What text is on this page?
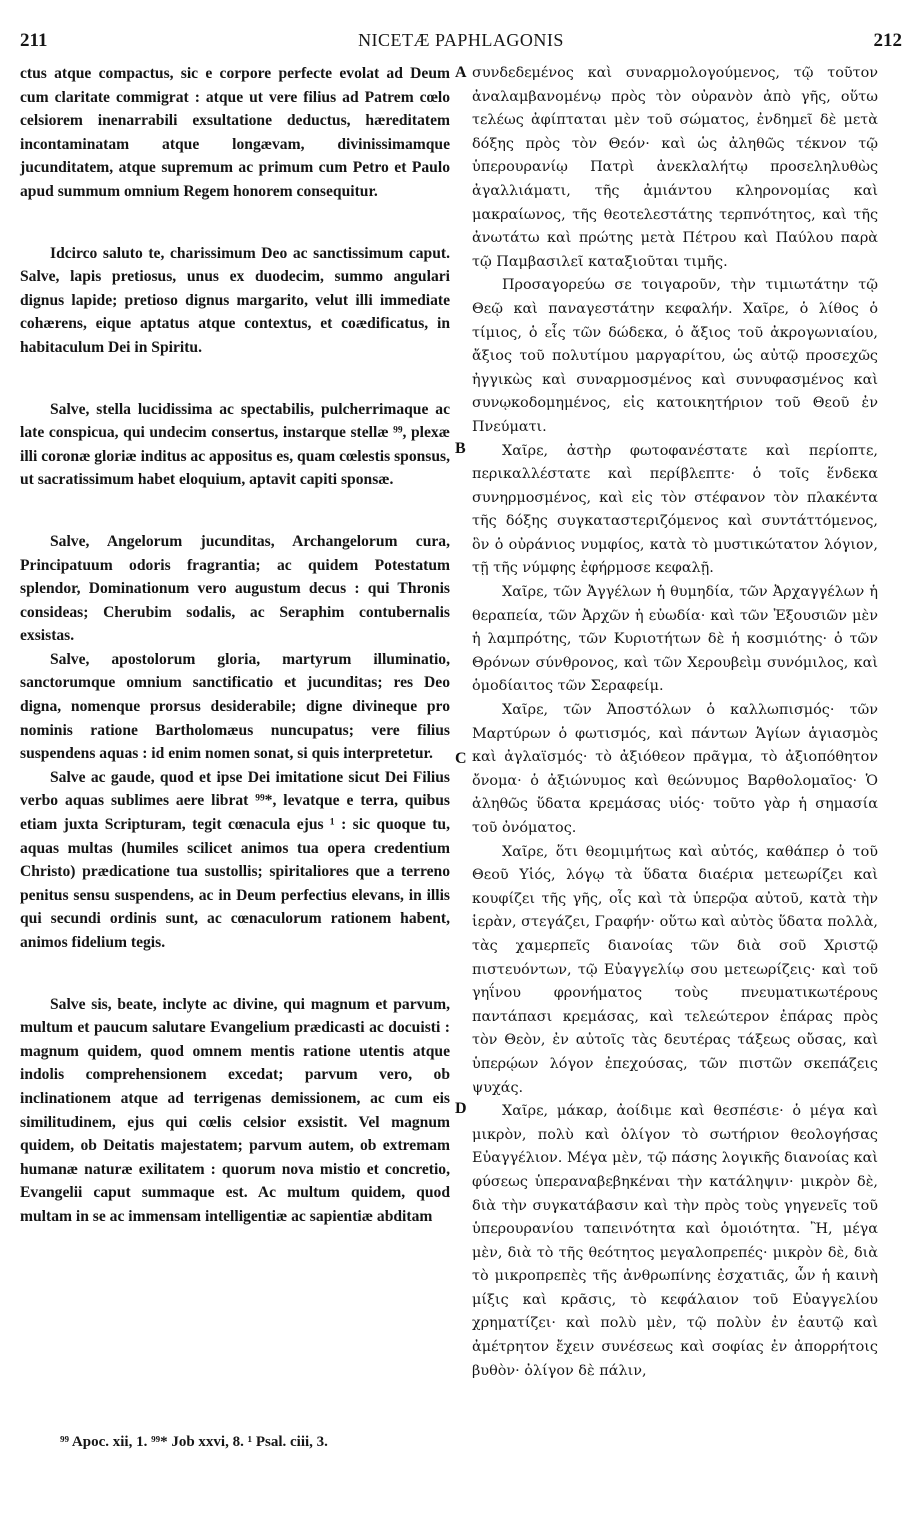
211	NICETÆ PAPHLAGONIS	212

ctus atque compactus, sic e corpore perfecte evolat ad Deum cum claritate commigrat : atque ut vere filius ad Patrem cœlo celsiorem inenarrabili exsultatione deductus, hæreditatem incontaminatam atque longævam, divinissimamque jucunditatem, atque supremum ac primum cum Petro et Paulo apud summum omnium Regem honorem consequitur.

Idcirco saluto te, charissimum Deo ac sanctissimum caput. Salve, lapis pretiosus, unus ex duodecim, summo angulari dignus lapide; pretioso dignus margarito, velut illi immediate cohærens, eique aptatus atque contextus, et coædificatus, in habitaculum Dei in Spiritu.

Salve, stella lucidissima ac spectabilis, pulcherrimaque ac late conspicua, qui undecim consertus, instarque stellæ ⁹⁹, plexæ illi coronæ gloriæ inditus ac appositus es, quam cœlestis sponsus, ut sacratissimum habet eloquium, aptavit capiti sponsæ.

Salve, Angelorum jucunditas, Archangelorum cura, Principatuum odoris fragrantia; ac quidem Potestatum splendor, Dominationum vero augustum decus : qui Thronis consideas; Cherubim sodalis, ac Seraphim contubernalis exsistas.

Salve, apostolorum gloria, martyrum illuminatio, sanctorumque omnium sanctificatio et jucunditas; res Deo digna, nomenque prorsus desiderabile; digne divineque pro nominis ratione Bartholomæus nuncupatus; vere filius suspendens aquas : id enim nomen sonat, si quis interpretetur.

Salve ac gaude, quod et ipse Dei imitatione sicut Dei Filius verbo aquas sublimes aere librat ⁹⁹*, levatque e terra, quibus etiam juxta Scripturam, tegit cœnacula ejus ¹ : sic quoque tu, aquas multas (humiles scilicet animos tua opera credentium Christo) prædicatione tua sustollis; spiritaliores que a terreno penitus sensu suspendens, ac in Deum perfectius elevans, in illis qui secundi ordinis sunt, ac cœnaculorum rationem habent, animos fidelium tegis.

Salve sis, beate, inclyte ac divine, qui magnum et parvum, multum et paucum salutare Evangelium prædicasti ac docuisti : magnum quidem, quod omnem mentis ratione utentis atque indolis comprehensionem excedat; parvum vero, ob inclinationem atque ad terrigenas demissionem, ac cum eis similitudinem, ejus qui cœlis celsior exsistit. Vel magnum quidem, ob Deitatis majestatem; parvum autem, ob extremam humanæ naturæ exilitatem : quorum nova mistio et concretio, Evangelii caput summaque est. Ac multum quidem, quod multam in se ac immensam intelligentiæ ac sapientiæ abditam

συνδεδεμένος καὶ συναρμολογούμενος, τῷ τοῦτον ἀναλαμβανομένῳ πρὸς τὸν οὐρανὸν ἀπὸ γῆς, οὕτω τελέως ἀφίπταται μὲν τοῦ σώματος, ἐνδημεῖ δὲ μετὰ δόξης πρὸς τὸν Θεόν· καὶ ὡς ἀληθῶς τέκνον τῷ ὑπερουρανίῳ Πατρὶ ἀνεκλαλήτῳ προσεληλυθὼς ἀγαλλιάματι, τῆς ἀμιάντου κληρονομίας καὶ μακραίωνος, τῆς θεοτελεστάτης τερπνότητος, καὶ τῆς ἀνωτάτω καὶ πρώτης μετὰ Πέτρου καὶ Παύλου παρὰ τῷ Παμβασιλεῖ καταξιοῦται τιμῆς.

Προσαγορεύω σε τοιγαροῦν, τὴν τιμιωτάτην τῷ Θεῷ καὶ παναγεστάτην κεφαλήν. Χαῖρε, ὁ λίθος ὁ τίμιος, ὁ εἷς τῶν δώδεκα, ὁ ἄξιος τοῦ ἀκρογωνιαίου, ἄξιος τοῦ πολυτίμου μαργαρίτου, ὡς αὐτῷ προσεχῶς ἠγγικὼς καὶ συναρμοσμένος καὶ συνυφασμένος καὶ συνῳκοδομημένος, εἰς κατοικητήριον τοῦ Θεοῦ ἐν Πνεύματι.

Χαῖρε, ἀστὴρ φωτοφανέστατε καὶ περίοπτε, περικαλλέστατε καὶ περίβλεπτε· ὁ τοῖς ἕνδεκα συνηρμοσμένος, καὶ εἰς τὸν στέφανον τὸν πλακέντα τῆς δόξης συγκαταστεριζόμενος καὶ συντάττόμενος, ὃν ὁ οὐράνιος νυμφίος, κατὰ τὸ μυστικώτατον λόγιον, τῇ τῆς νύμφης ἐφήρμοσε κεφαλῇ.

Χαῖρε, τῶν Ἀγγέλων ἡ θυμηδία, τῶν Ἀρχαγγέλων ἡ θεραπεία, τῶν Ἀρχῶν ἡ εὐωδία· καὶ τῶν Ἐξουσιῶν μὲν ἡ λαμπρότης, τῶν Κυριοτήτων δὲ ἡ κοσμιότης· ὁ τῶν Θρόνων σύνθρονος, καὶ τῶν Χερουβεὶμ συνόμιλος, καὶ ὁμοδίαιτος τῶν Σεραφείμ.

Χαῖρε, τῶν Ἀποστόλων ὁ καλλωπισμός· τῶν Μαρτύρων ὁ φωτισμός, καὶ πάντων Ἁγίων ἁγιασμὸς καὶ ἀγλαϊσμός· τὸ ἀξιόθεον πρᾶγμα, τὸ ἀξιοπόθητον ὄνομα· ὁ ἀξιώνυμος καὶ θεώνυμος Βαρθολομαῖος· Ὁ ἀληθῶς ὕδατα κρεμάσας υἱός· τοῦτο γὰρ ἡ σημασία τοῦ ὀνόματος.

Χαῖρε, ὅτι θεομιμήτως καὶ αὐτός, καθάπερ ὁ τοῦ Θεοῦ Υἱός, λόγῳ τὰ ὕδατα διαέρια μετεωρίζει καὶ κουφίζει τῆς γῆς, οἷς καὶ τὰ ὑπερῷα αὐτοῦ, κατὰ τὴν ἱερὰν, στεγάζει, Γραφήν· οὕτω καὶ αὐτὸς ὕδατα πολλὰ, τὰς χαμερπεῖς διανοίας τῶν διὰ σοῦ Χριστῷ πιστευόντων, τῷ Εὐαγγελίῳ σου μετεωρίζεις· καὶ τοῦ γηΐνου φρονήματος τοὺς πνευματικωτέρους παντάπασι κρεμάσας, καὶ τελεώτερον ἐπάρας πρὸς τὸν Θεὸν, ἐν αὐτοῖς τὰς δευτέρας τάξεως οὔσας, καὶ ὑπερῴων λόγον ἐπεχούσας, τῶν πιστῶν σκεπάζεις ψυχάς.

Χαῖρε, μάκαρ, ἀοίδιμε καὶ θεσπέσιε· ὁ μέγα καὶ μικρὸν, πολὺ καὶ ὀλίγον τὸ σωτήριον θεολογήσας Εὐαγγέλιον. Μέγα μὲν, τῷ πάσης λογικῆς διανοίας καὶ φύσεως ὑπεραναβεβηκέναι τὴν κατάληψιν· μικρὸν δὲ, διὰ τὴν συγκατάβασιν καὶ τὴν πρὸς τοὺς γηγενεῖς τοῦ ὑπερουρανίου ταπεινότητα καὶ ὁμοιότητα. Ἢ, μέγα μὲν, διὰ τὸ τῆς θεότητος μεγαλοπρεπές· μικρὸν δὲ, διὰ τὸ μικροπρεπὲς τῆς ἀνθρωπίνης ἐσχατιᾶς, ὧν ἡ καινὴ μίξις καὶ κρᾶσις, τὸ κεφάλαιον τοῦ Εὐαγγελίου χρηματίζει· καὶ πολὺ μὲν, τῷ πολὺν ἐν ἑαυτῷ καὶ ἀμέτρητον ἔχειν συνέσεως καὶ σοφίας ἐν ἀπορρήτοις βυθὸν· ὀλίγον δὲ πάλιν,

A
B
C
D
⁹⁹ Apoc. xii, 1. ⁹⁹* Job xxvi, 8. ¹ Psal. ciii, 3.
